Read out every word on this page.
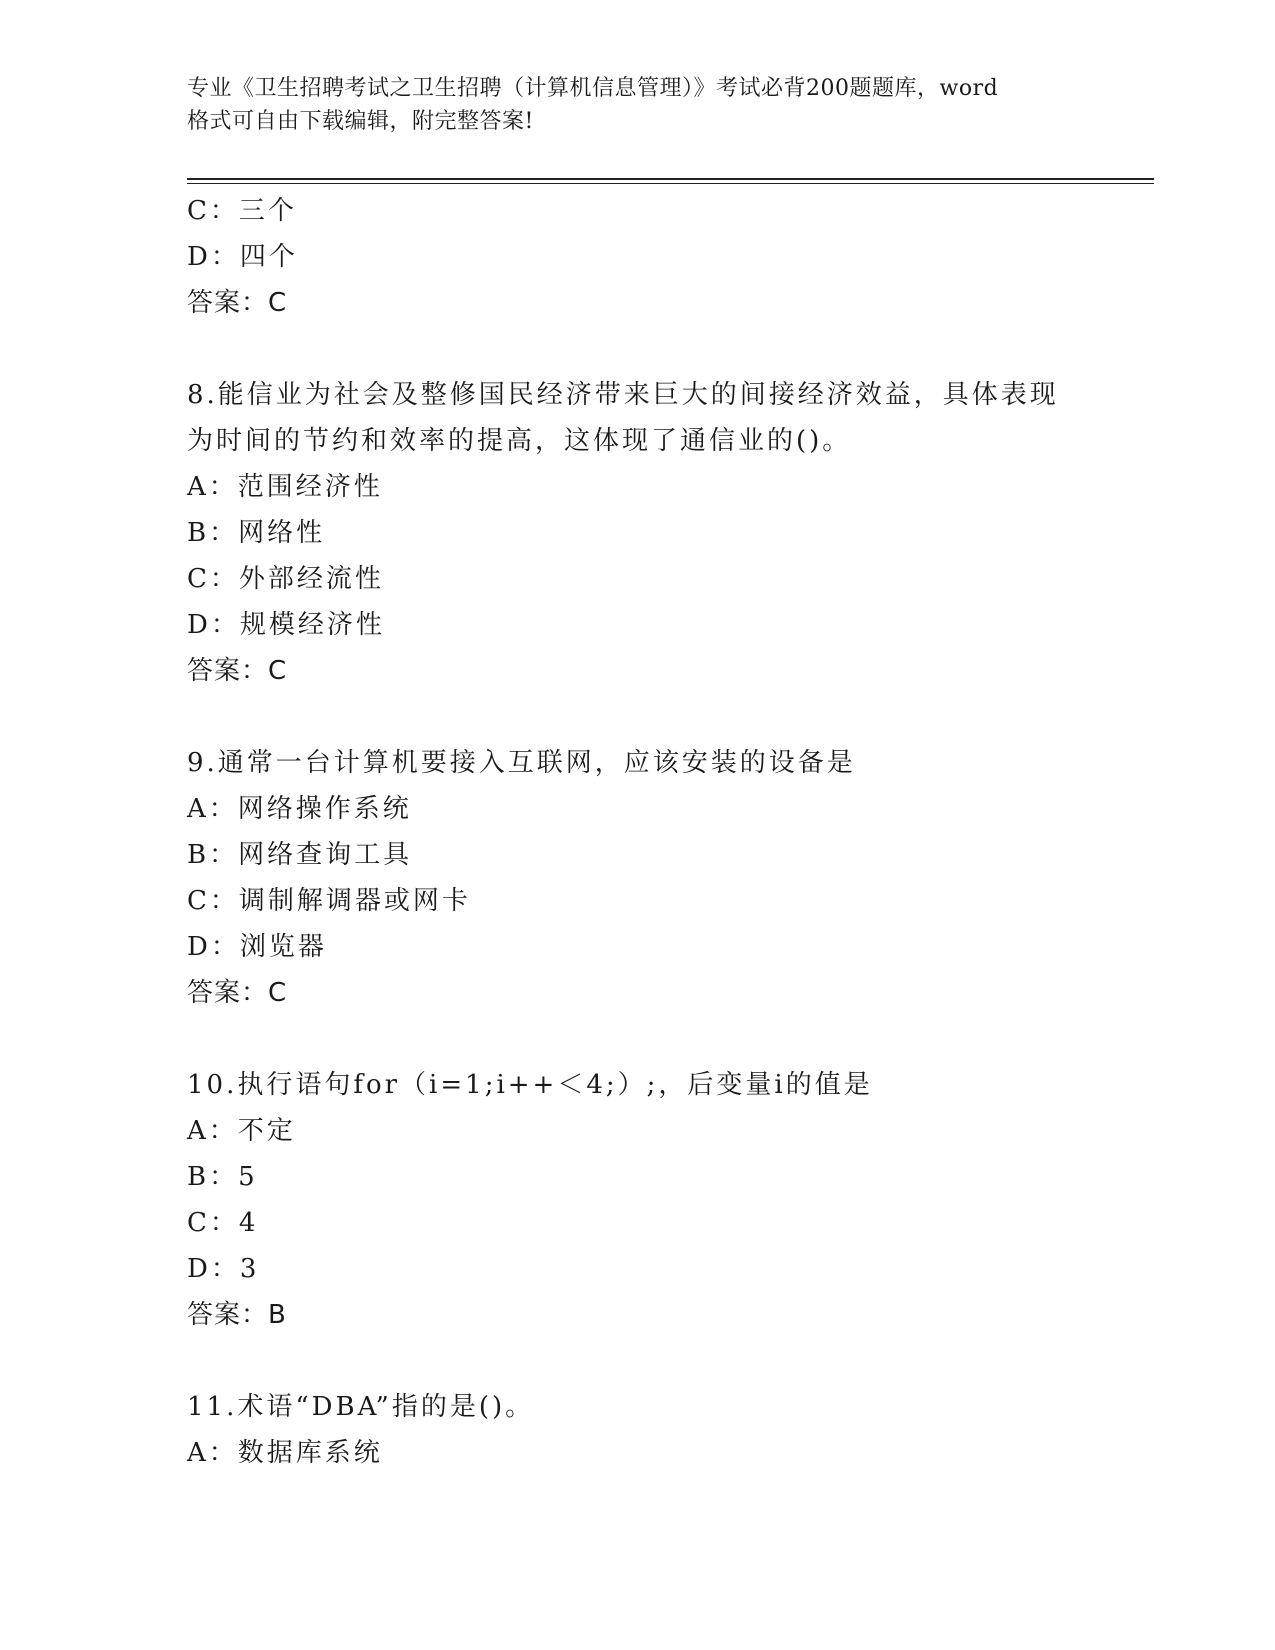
专业《卫生招聘考试之卫生招聘（计算机信息管理）》考试必背200题题库，word
格式可自由下载编辑，附完整答案!
C：三个
D：四个
答案：C
8.能信业为社会及整修国民经济带来巨大的间接经济效益，具体表现
为时间的节约和效率的提高，这体现了通信业的()。
A：范围经济性
B：网络性
C：外部经流性
D：规模经济性
答案：C
9.通常一台计算机要接入互联网，应该安装的设备是
A：网络操作系统
B：网络查询工具
C：调制解调器或网卡
D：浏览器
答案：C
10.执行语句for（i=1;i++＜4;）;，后变量i的值是
A：不定
B：5
C：4
D：3
答案：B
11.术语“DBA”指的是()。
A：数据库系统
